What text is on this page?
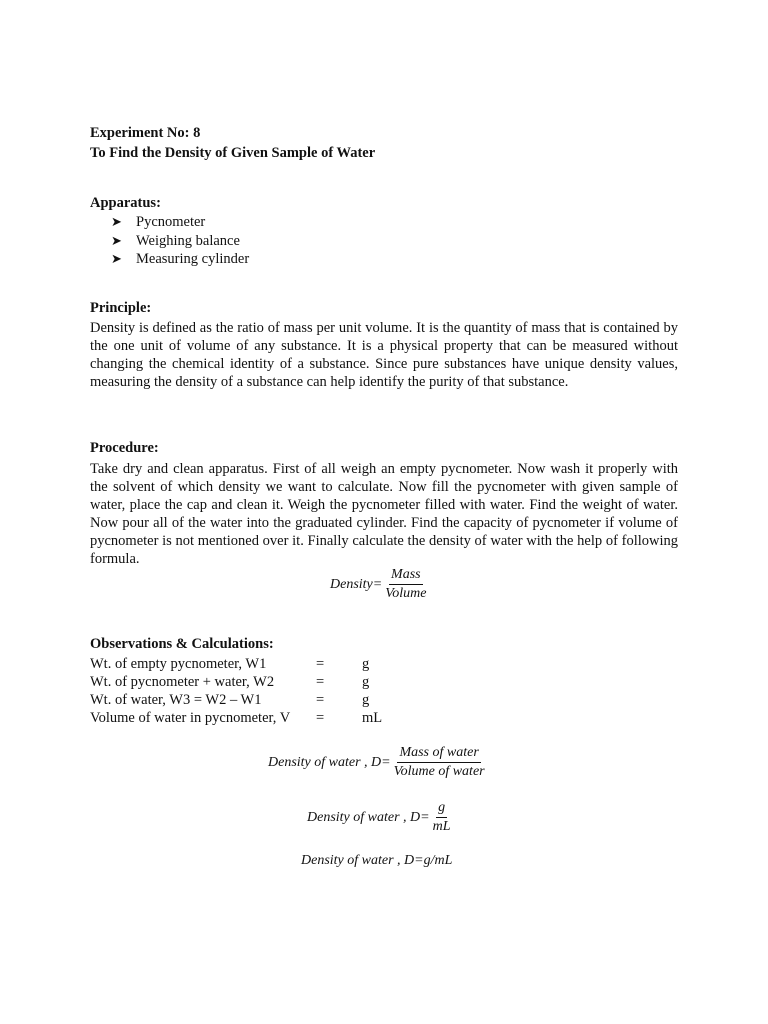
Experiment No: 8
To Find the Density of Given Sample of Water
Apparatus:
➤ Pycnometer
➤ Weighing balance
➤ Measuring cylinder
Principle:
Density is defined as the ratio of mass per unit volume. It is the quantity of mass that is contained by the one unit of volume of any substance. It is a physical property that can be measured without changing the chemical identity of a substance. Since pure substances have unique density values, measuring the density of a substance can help identify the purity of that substance.
Procedure:
Take dry and clean apparatus. First of all weigh an empty pycnometer. Now wash it properly with the solvent of which density we want to calculate. Now fill the pycnometer with given sample of water, place the cap and clean it. Weigh the pycnometer filled with water. Find the weight of water. Now pour all of the water into the graduated cylinder. Find the capacity of pycnometer if volume of pycnometer is not mentioned over it. Finally calculate the density of water with the help of following formula.
Density= $\frac{\text{Mass}}{\text{Volume}}$
Observations & Calculations:
Wt. of empty pycnometer, W1	=	g
Wt. of pycnometer + water, W2	=	g
Wt. of water, W3 = W2 – W1	=	g
Volume of water in pycnometer, V =	mL
Density of water , $D= \frac{\text{Mass of water}}{\text{Volume of water}}$
Density of water , $D= \frac{g}{mL}$
Density of water , D=g/mL
